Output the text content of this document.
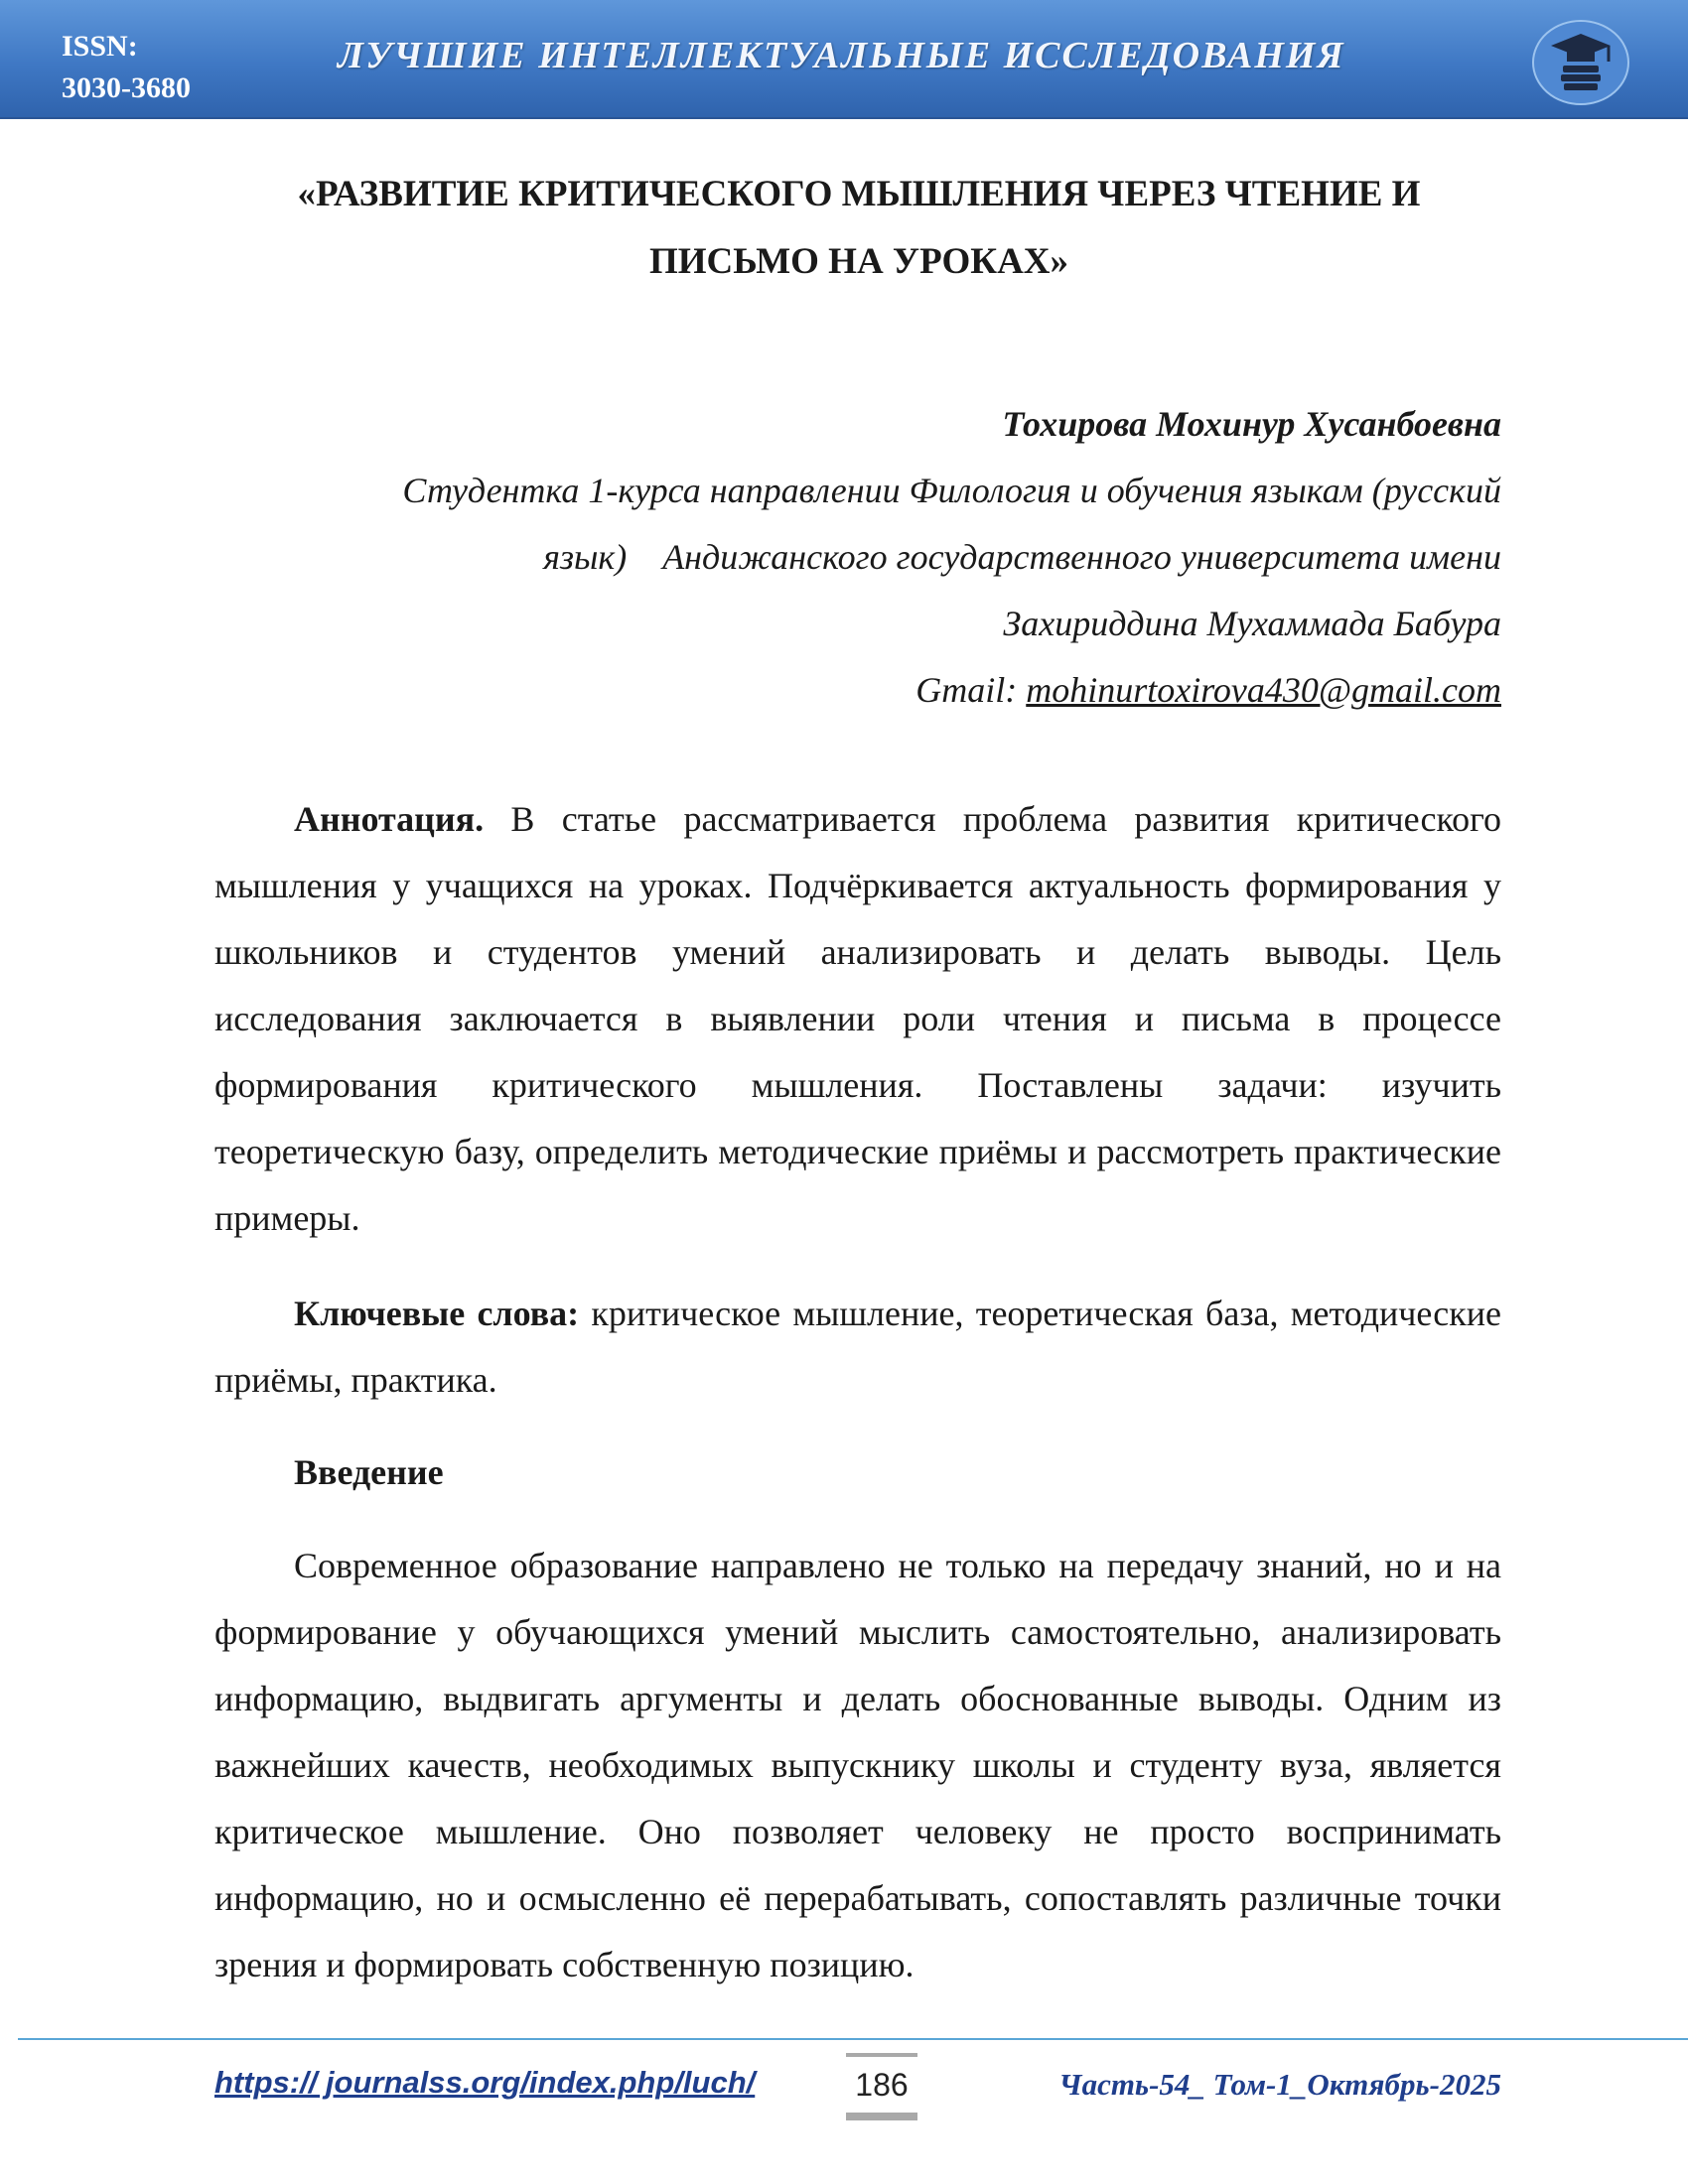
ISSN:
3030-3680
ЛУЧШИЕ ИНТЕЛЛЕКТУАЛЬНЫЕ ИССЛЕДОВАНИЯ
«РАЗВИТИЕ КРИТИЧЕСКОГО МЫШЛЕНИЯ ЧЕРЕЗ ЧТЕНИЕ И
ПИСЬМО НА УРОКАХ»
Тохирова Мохинур Хусанбоевна
Студентка 1-курса направлении Филология и обучения языкам (русский
язык)    Андижанского государственного университета имени
Захириддина Мухаммада Бабура
Gmail: mohinurtoxirova430@gmail.com

Аннотация. В статье рассматривается проблема развития критического мышления у учащихся на уроках. Подчёркивается актуальность формирования у школьников и студентов умений анализировать и делать выводы. Цель исследования заключается в выявлении роли чтения и письма в процессе формирования критического мышления. Поставлены задачи: изучить теоретическую базу, определить методические приёмы и рассмотреть практические примеры.

Ключевые слова: критическое мышление, теоретическая база, методические приёмы, практика.

Введение

Современное образование направлено не только на передачу знаний, но и на формирование у обучающихся умений мыслить самостоятельно, анализировать информацию, выдвигать аргументы и делать обоснованные выводы. Одним из важнейших качеств, необходимых выпускнику школы и студенту вуза, является критическое мышление. Оно позволяет человеку не просто воспринимать информацию, но и осмысленно её перерабатывать, сопоставлять различные точки зрения и формировать собственную позицию.

https:// journalss.org/index.php/luch/	186	Часть-54_ Том-1_Октябрь-2025
